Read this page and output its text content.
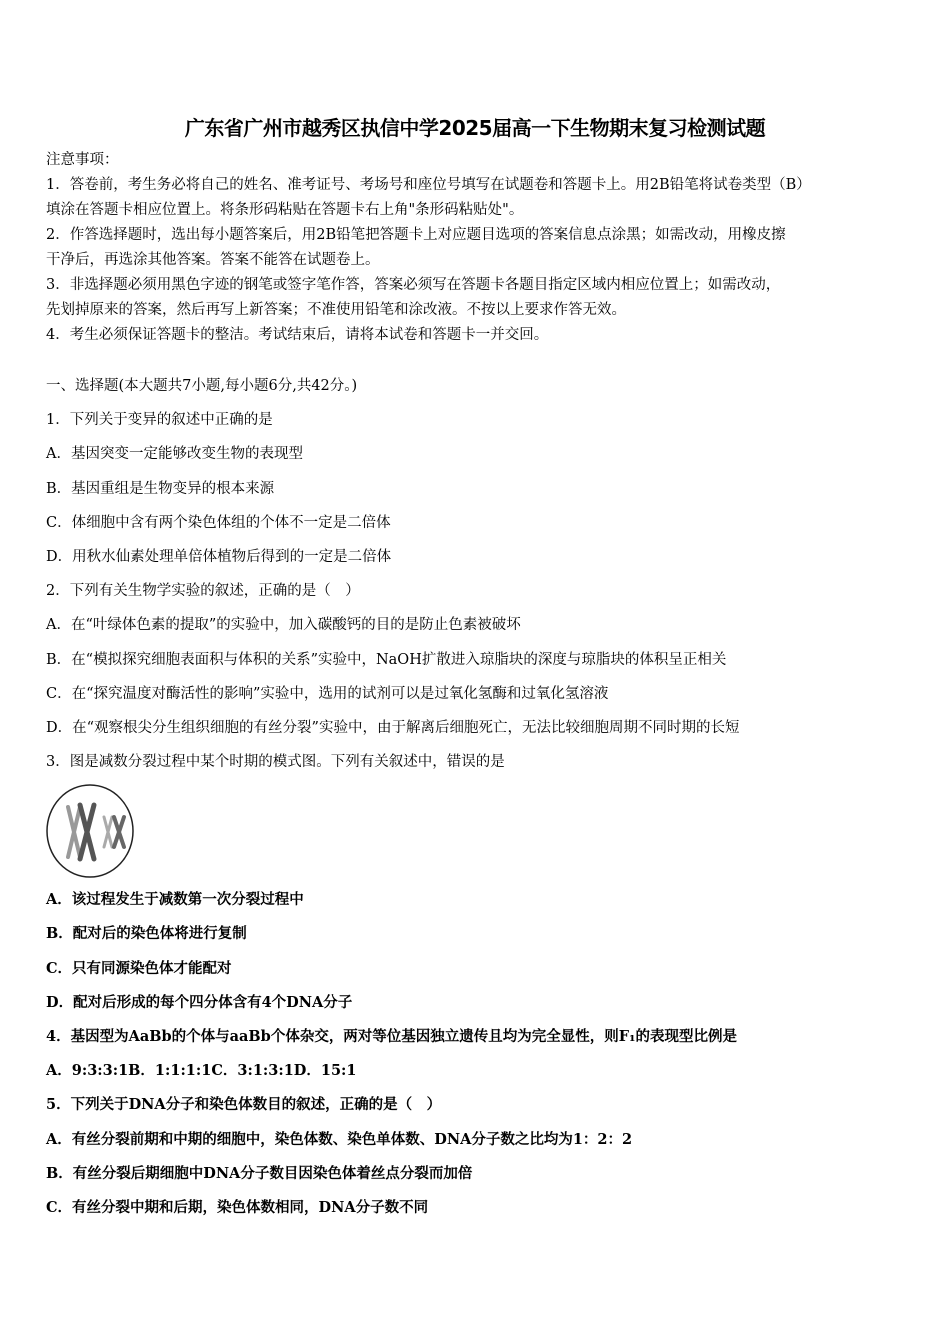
广东省广州市越秀区执信中学2025届高一下生物期末复习检测试题
注意事项：
1．答卷前，考生务必将自己的姓名、准考证号、考场号和座位号填写在试题卷和答题卡上。用2B铅笔将试卷类型（B）
填涂在答题卡相应位置上。将条形码粘贴在答题卡右上角"条形码粘贴处"。
2．作答选择题时，选出每小题答案后，用2B铅笔把答题卡上对应题目选项的答案信息点涂黑；如需改动，用橡皮擦
干净后，再选涂其他答案。答案不能答在试题卷上。
3．非选择题必须用黑色字迹的钢笔或签字笔作答，答案必须写在答题卡各题目指定区域内相应位置上；如需改动，
先划掉原来的答案，然后再写上新答案；不准使用铅笔和涂改液。不按以上要求作答无效。
4．考生必须保证答题卡的整洁。考试结束后，请将本试卷和答题卡一并交回。
一、选择题(本大题共7小题,每小题6分,共42分。)
1．下列关于变异的叙述中正确的是
A．基因突变一定能够改变生物的表现型
B．基因重组是生物变异的根本来源
C．体细胞中含有两个染色体组的个体不一定是二倍体
D．用秋水仙素处理单倍体植物后得到的一定是二倍体
2．下列有关生物学实验的叙述，正确的是（　）
A．在“叶绿体色素的提取”的实验中，加入碳酸钙的目的是防止色素被破坏
B．在“模拟探究细胞表面积与体积的关系”实验中，NaOH扩散进入琼脂块的深度与琼脂块的体积呈正相关
C．在“探究温度对酶活性的影响”实验中，选用的试剂可以是过氧化氢酶和过氧化氢溶液
D．在“观察根尖分生组织细胞的有丝分裂”实验中，由于解离后细胞死亡，无法比较细胞周期不同时期的长短
3．图是减数分裂过程中某个时期的模式图。下列有关叙述中，错误的是
A．该过程发生于减数第一次分裂过程中
B．配对后的染色体将进行复制
C．只有同源染色体才能配对
D．配对后形成的每个四分体含有4个DNA分子
4．基因型为AaBb的个体与aaBb个体杂交，两对等位基因独立遗传且均为完全显性，则F₁的表现型比例是
A．9:3:3:1B．1:1:1:1C．3:1:3:1D．15:1
5．下列关于DNA分子和染色体数目的叙述，正确的是（　）
A．有丝分裂前期和中期的细胞中，染色体数、染色单体数、DNA分子数之比均为1：2：2
B．有丝分裂后期细胞中DNA分子数目因染色体着丝点分裂而加倍
C．有丝分裂中期和后期，染色体数相同，DNA分子数不同
